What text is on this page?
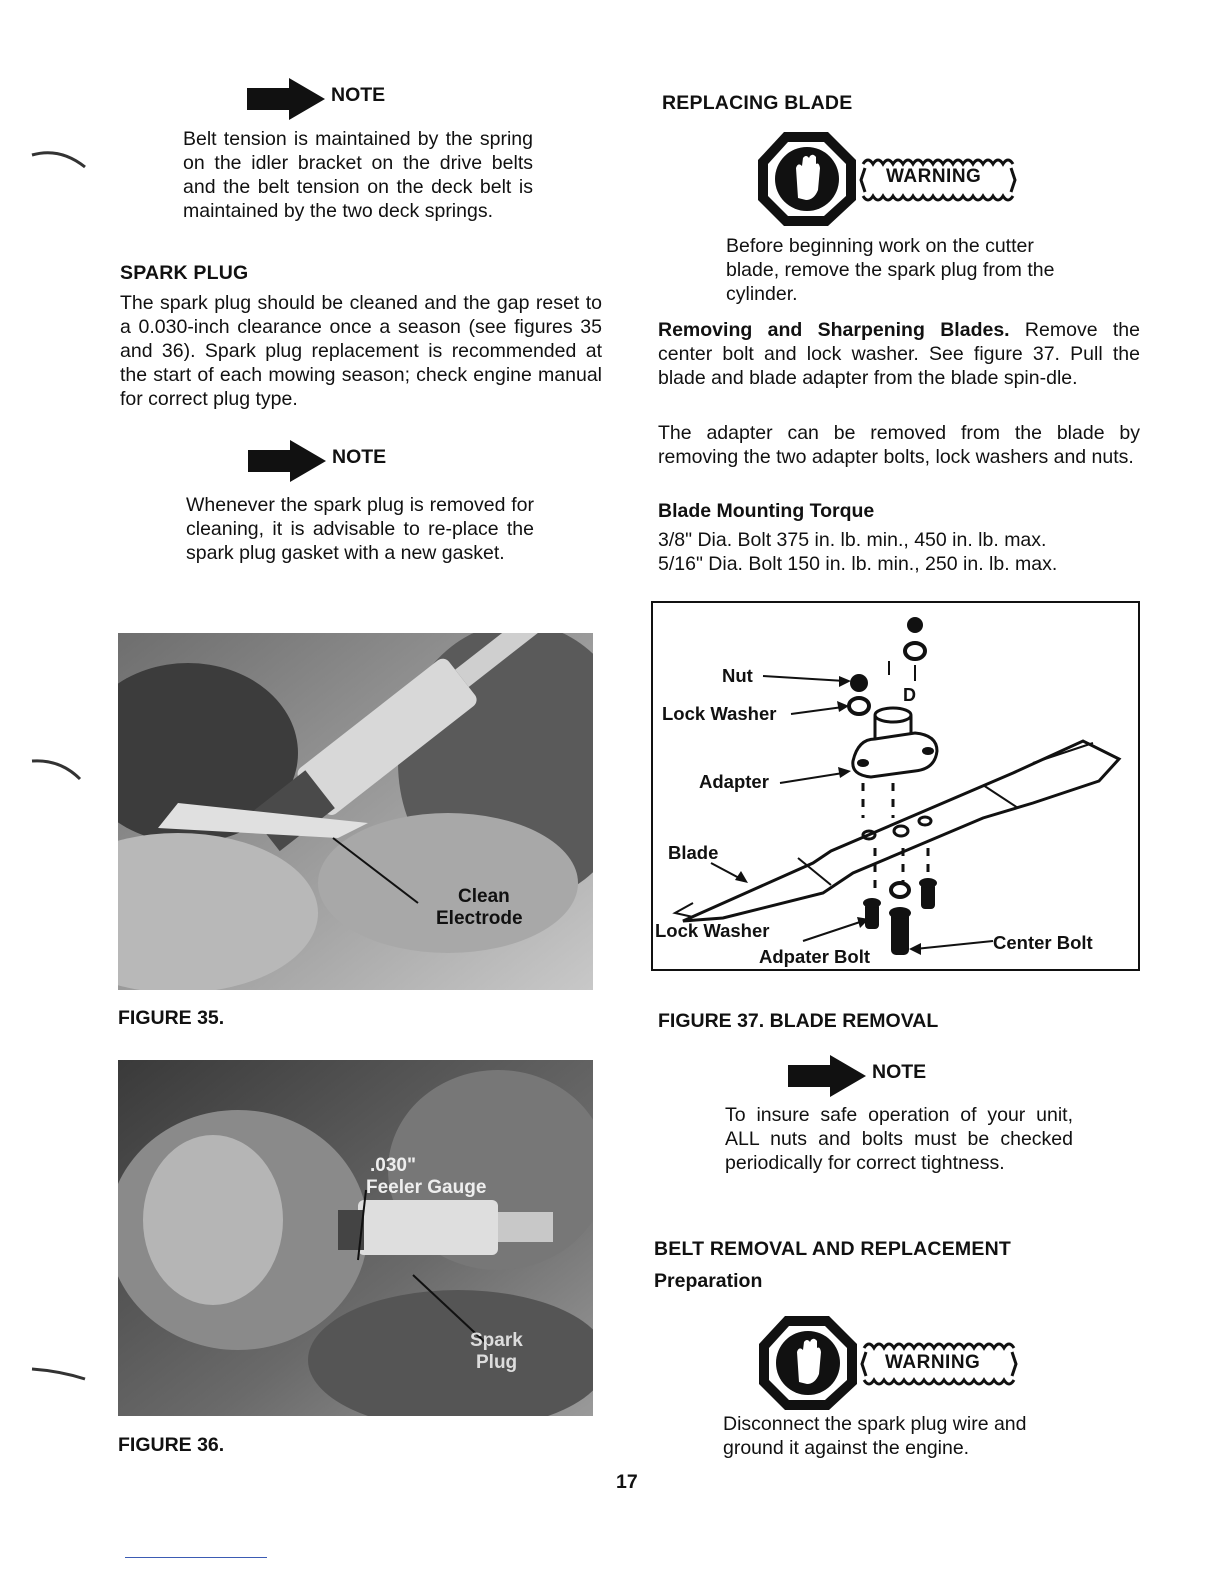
NOTE

Belt tension is maintained by the spring on the idler bracket on the drive belts and the belt tension on the deck belt is maintained by the two deck springs.

SPARK PLUG

The spark plug should be cleaned and the gap reset to a 0.030-inch clearance once a season (see figures 35 and 36). Spark plug replacement is recommended at the start of each mowing season; check engine manual for correct plug type.

NOTE

Whenever the spark plug is removed for cleaning, it is advisable to re-place the spark plug gasket with a new gasket.

Clean
Electrode
FIGURE 35.
.030"
Feeler Gauge
Spark
Plug
FIGURE 36.
REPLACING BLADE
WARNING

Before beginning work on the cutter blade, remove the spark plug from the cylinder.

Removing and Sharpening Blades. Remove the center bolt and lock washer. See figure 37. Pull the blade and blade adapter from the blade spin-dle.

The adapter can be removed from the blade by removing the two adapter bolts, lock washers and nuts.

Blade Mounting Torque
3/8" Dia. Bolt 375 in. lb. min., 450 in. lb. max.
5/16" Dia. Bolt 150 in. lb. min., 250 in. lb. max.
D
Nut
Lock Washer
Adapter
Blade
Lock Washer
Adpater Bolt
Center Bolt
FIGURE 37. BLADE REMOVAL
NOTE

To insure safe operation of your unit, ALL nuts and bolts must be checked periodically for correct tightness.

BELT REMOVAL AND REPLACEMENT
Preparation
WARNING

Disconnect the spark plug wire and ground it against the engine.

17
